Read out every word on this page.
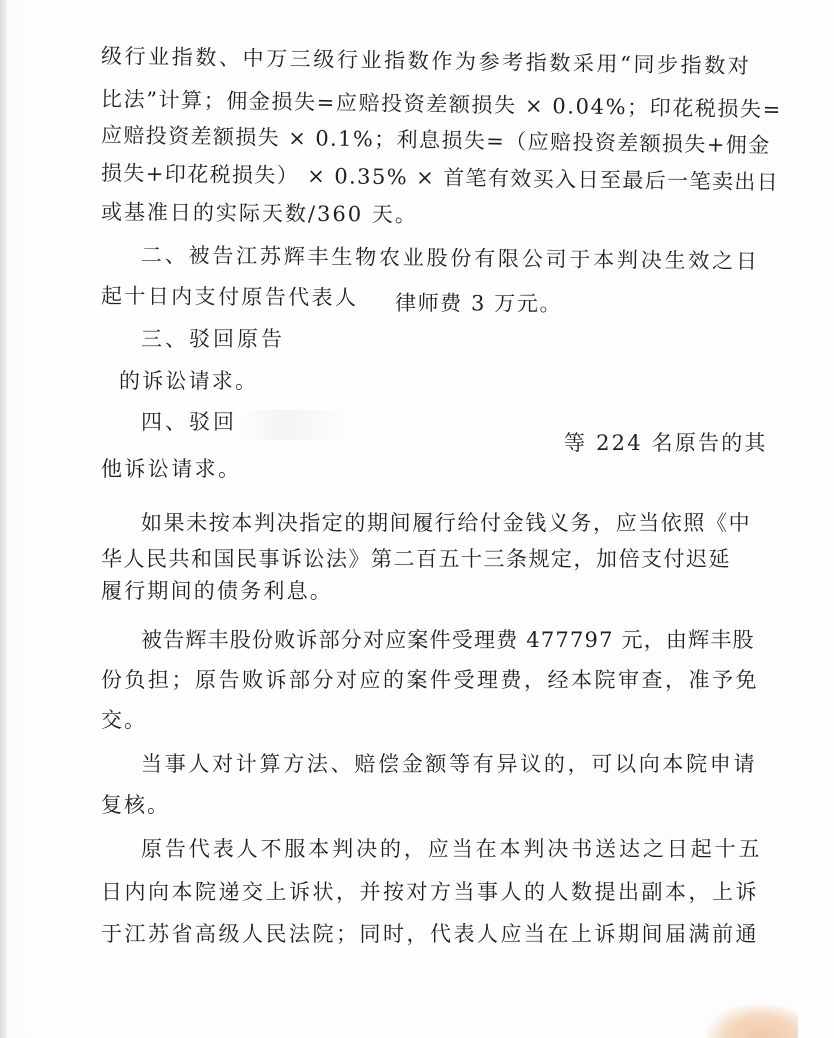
级行业指数、中万三级行业指数作为参考指数采用“同步指数对
比法”计算；佣金损失=应赔投资差额损失 × 0.04%；印花税损失=
应赔投资差额损失 × 0.1%；利息损失=（应赔投资差额损失+佣金
损失+印花税损失） × 0.35% × 首笔有效买入日至最后一笔卖出日
或基准日的实际天数/360 天。
二、被告江苏辉丰生物农业股份有限公司于本判决生效之日
起十日内支付原告代表人 律师费 3 万元。
三、驳回原告
的诉讼请求。
四、驳回
等 224 名原告的其
他诉讼请求。
如果未按本判决指定的期间履行给付金钱义务，应当依照《中
华人民共和国民事诉讼法》第二百五十三条规定，加倍支付迟延
履行期间的债务利息。
被告辉丰股份败诉部分对应案件受理费 477797 元，由辉丰股
份负担；原告败诉部分对应的案件受理费，经本院审查，准予免
交。
当事人对计算方法、赔偿金额等有异议的，可以向本院申请
复核。
原告代表人不服本判决的，应当在本判决书送达之日起十五
日内向本院递交上诉状，并按对方当事人的人数提出副本，上诉
于江苏省高级人民法院；同时，代表人应当在上诉期间届满前通
